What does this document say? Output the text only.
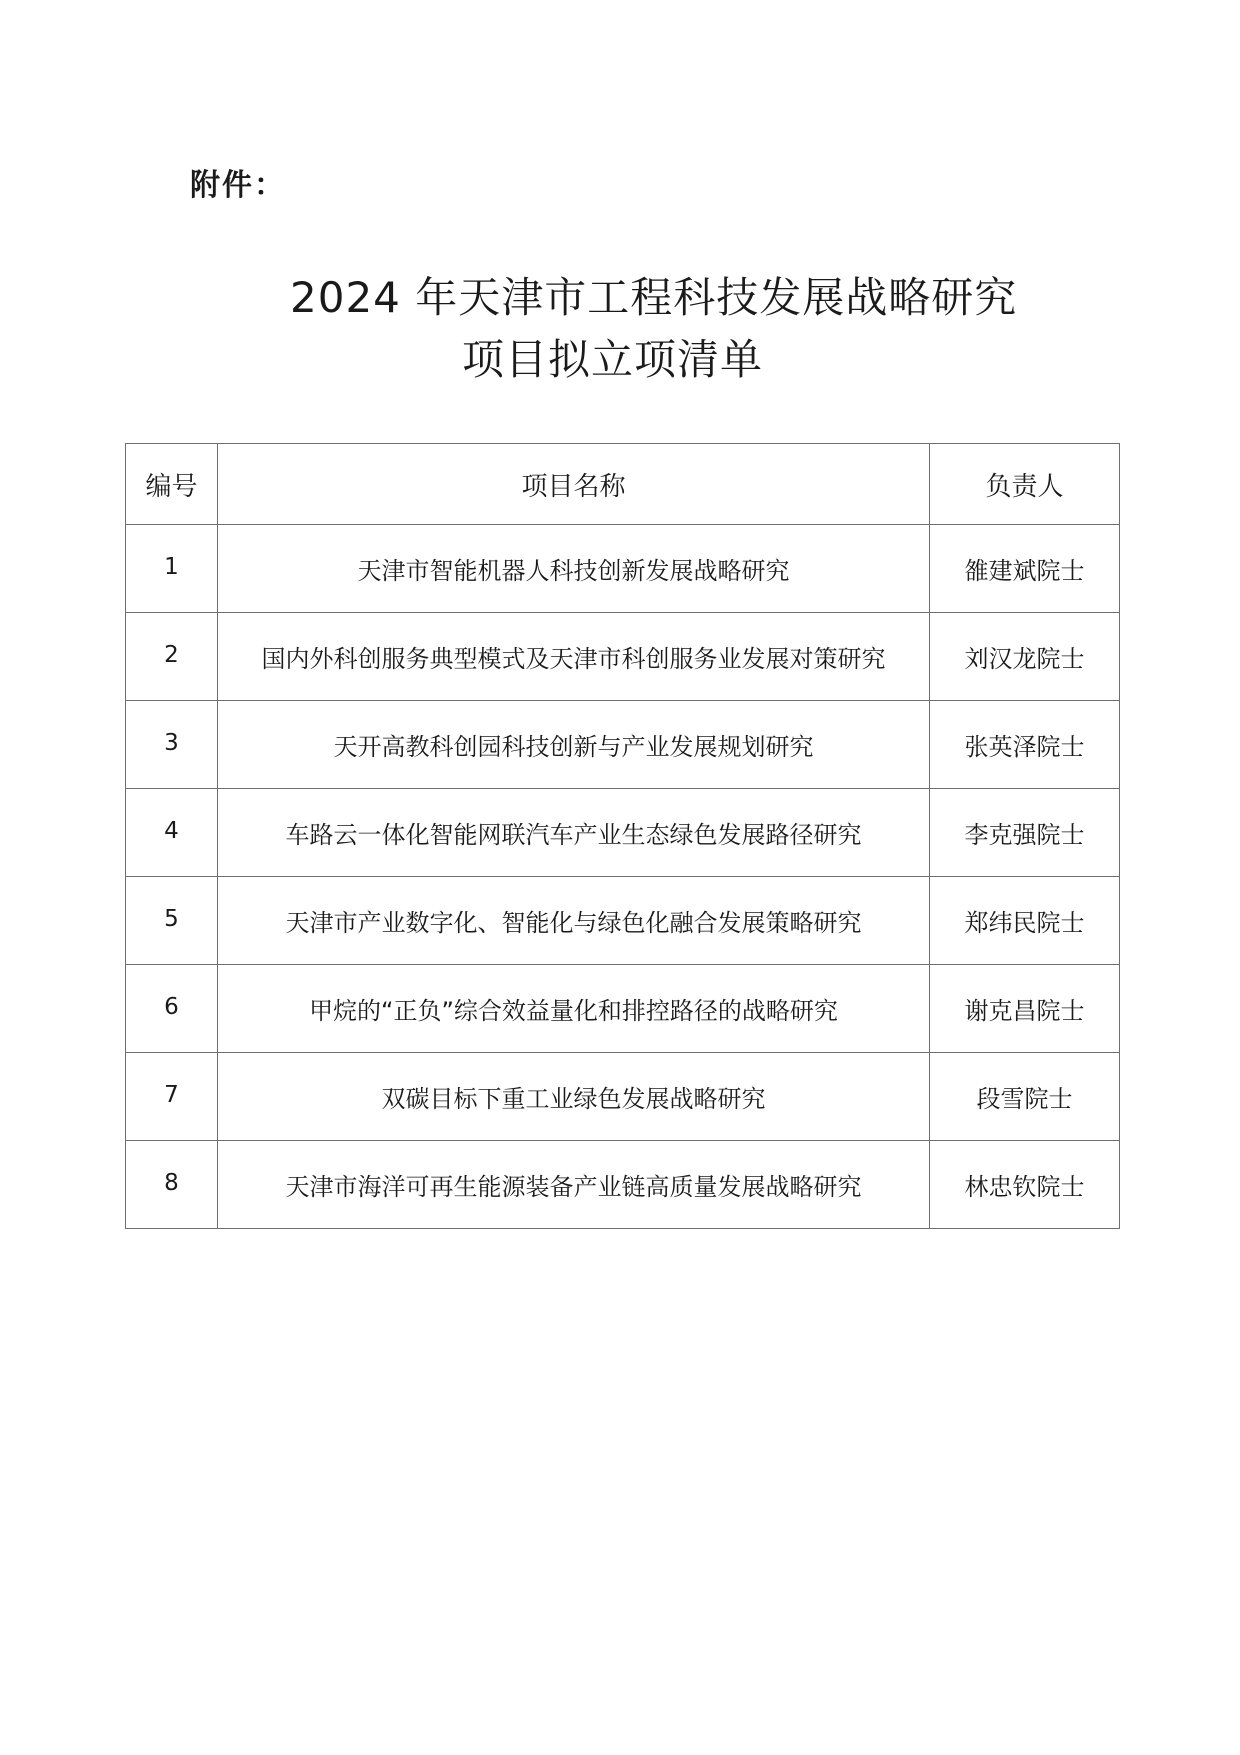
附件：
2024 年天津市工程科技发展战略研究
项目拟立项清单
编号	项目名称	负责人
1	天津市智能机器人科技创新发展战略研究	雒建斌院士
2	国内外科创服务典型模式及天津市科创服务业发展对策研究	刘汉龙院士
3	天开高教科创园科技创新与产业发展规划研究	张英泽院士
4	车路云一体化智能网联汽车产业生态绿色发展路径研究	李克强院士
5	天津市产业数字化、智能化与绿色化融合发展策略研究	郑纬民院士
6	甲烷的“正负”综合效益量化和排控路径的战略研究	谢克昌院士
7	双碳目标下重工业绿色发展战略研究	段雪院士
8	天津市海洋可再生能源装备产业链高质量发展战略研究	林忠钦院士
